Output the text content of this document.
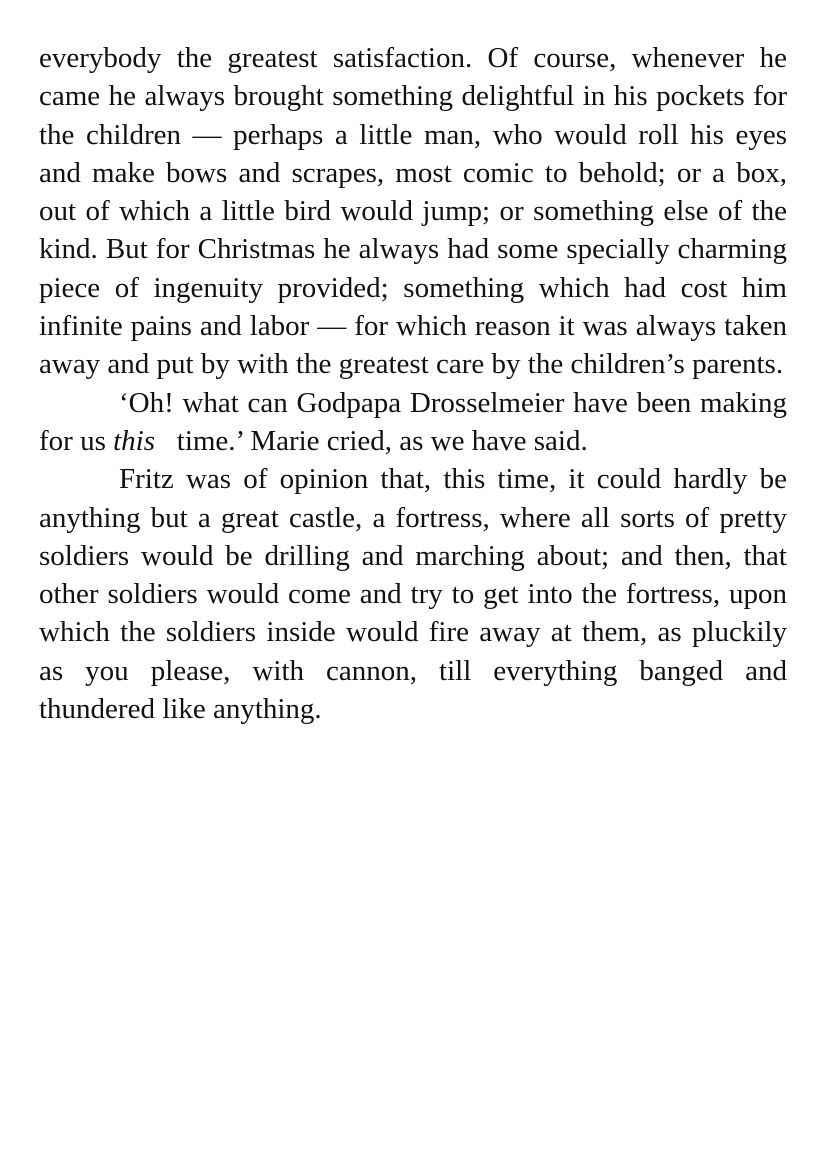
everybody the greatest satisfaction. Of course, whenever he came he always brought something delightful in his pockets for the children — perhaps a little man, who would roll his eyes and make bows and scrapes, most comic to behold; or a box, out of which a little bird would jump; or something else of the kind. But for Christmas he always had some specially charming piece of ingenuity provided; something which had cost him infinite pains and labor — for which reason it was always taken away and put by with the greatest care by the children’s parents.

‘Oh! what can Godpapa Drosselmeier have been making for us this   time.’ Marie cried, as we have said.

Fritz was of opinion that, this time, it could hardly be anything but a great castle, a fortress, where all sorts of pretty soldiers would be drilling and marching about; and then, that other soldiers would come and try to get into the fortress, upon which the soldiers inside would fire away at them, as pluckily as you please, with cannon, till everything banged and thundered like anything.
